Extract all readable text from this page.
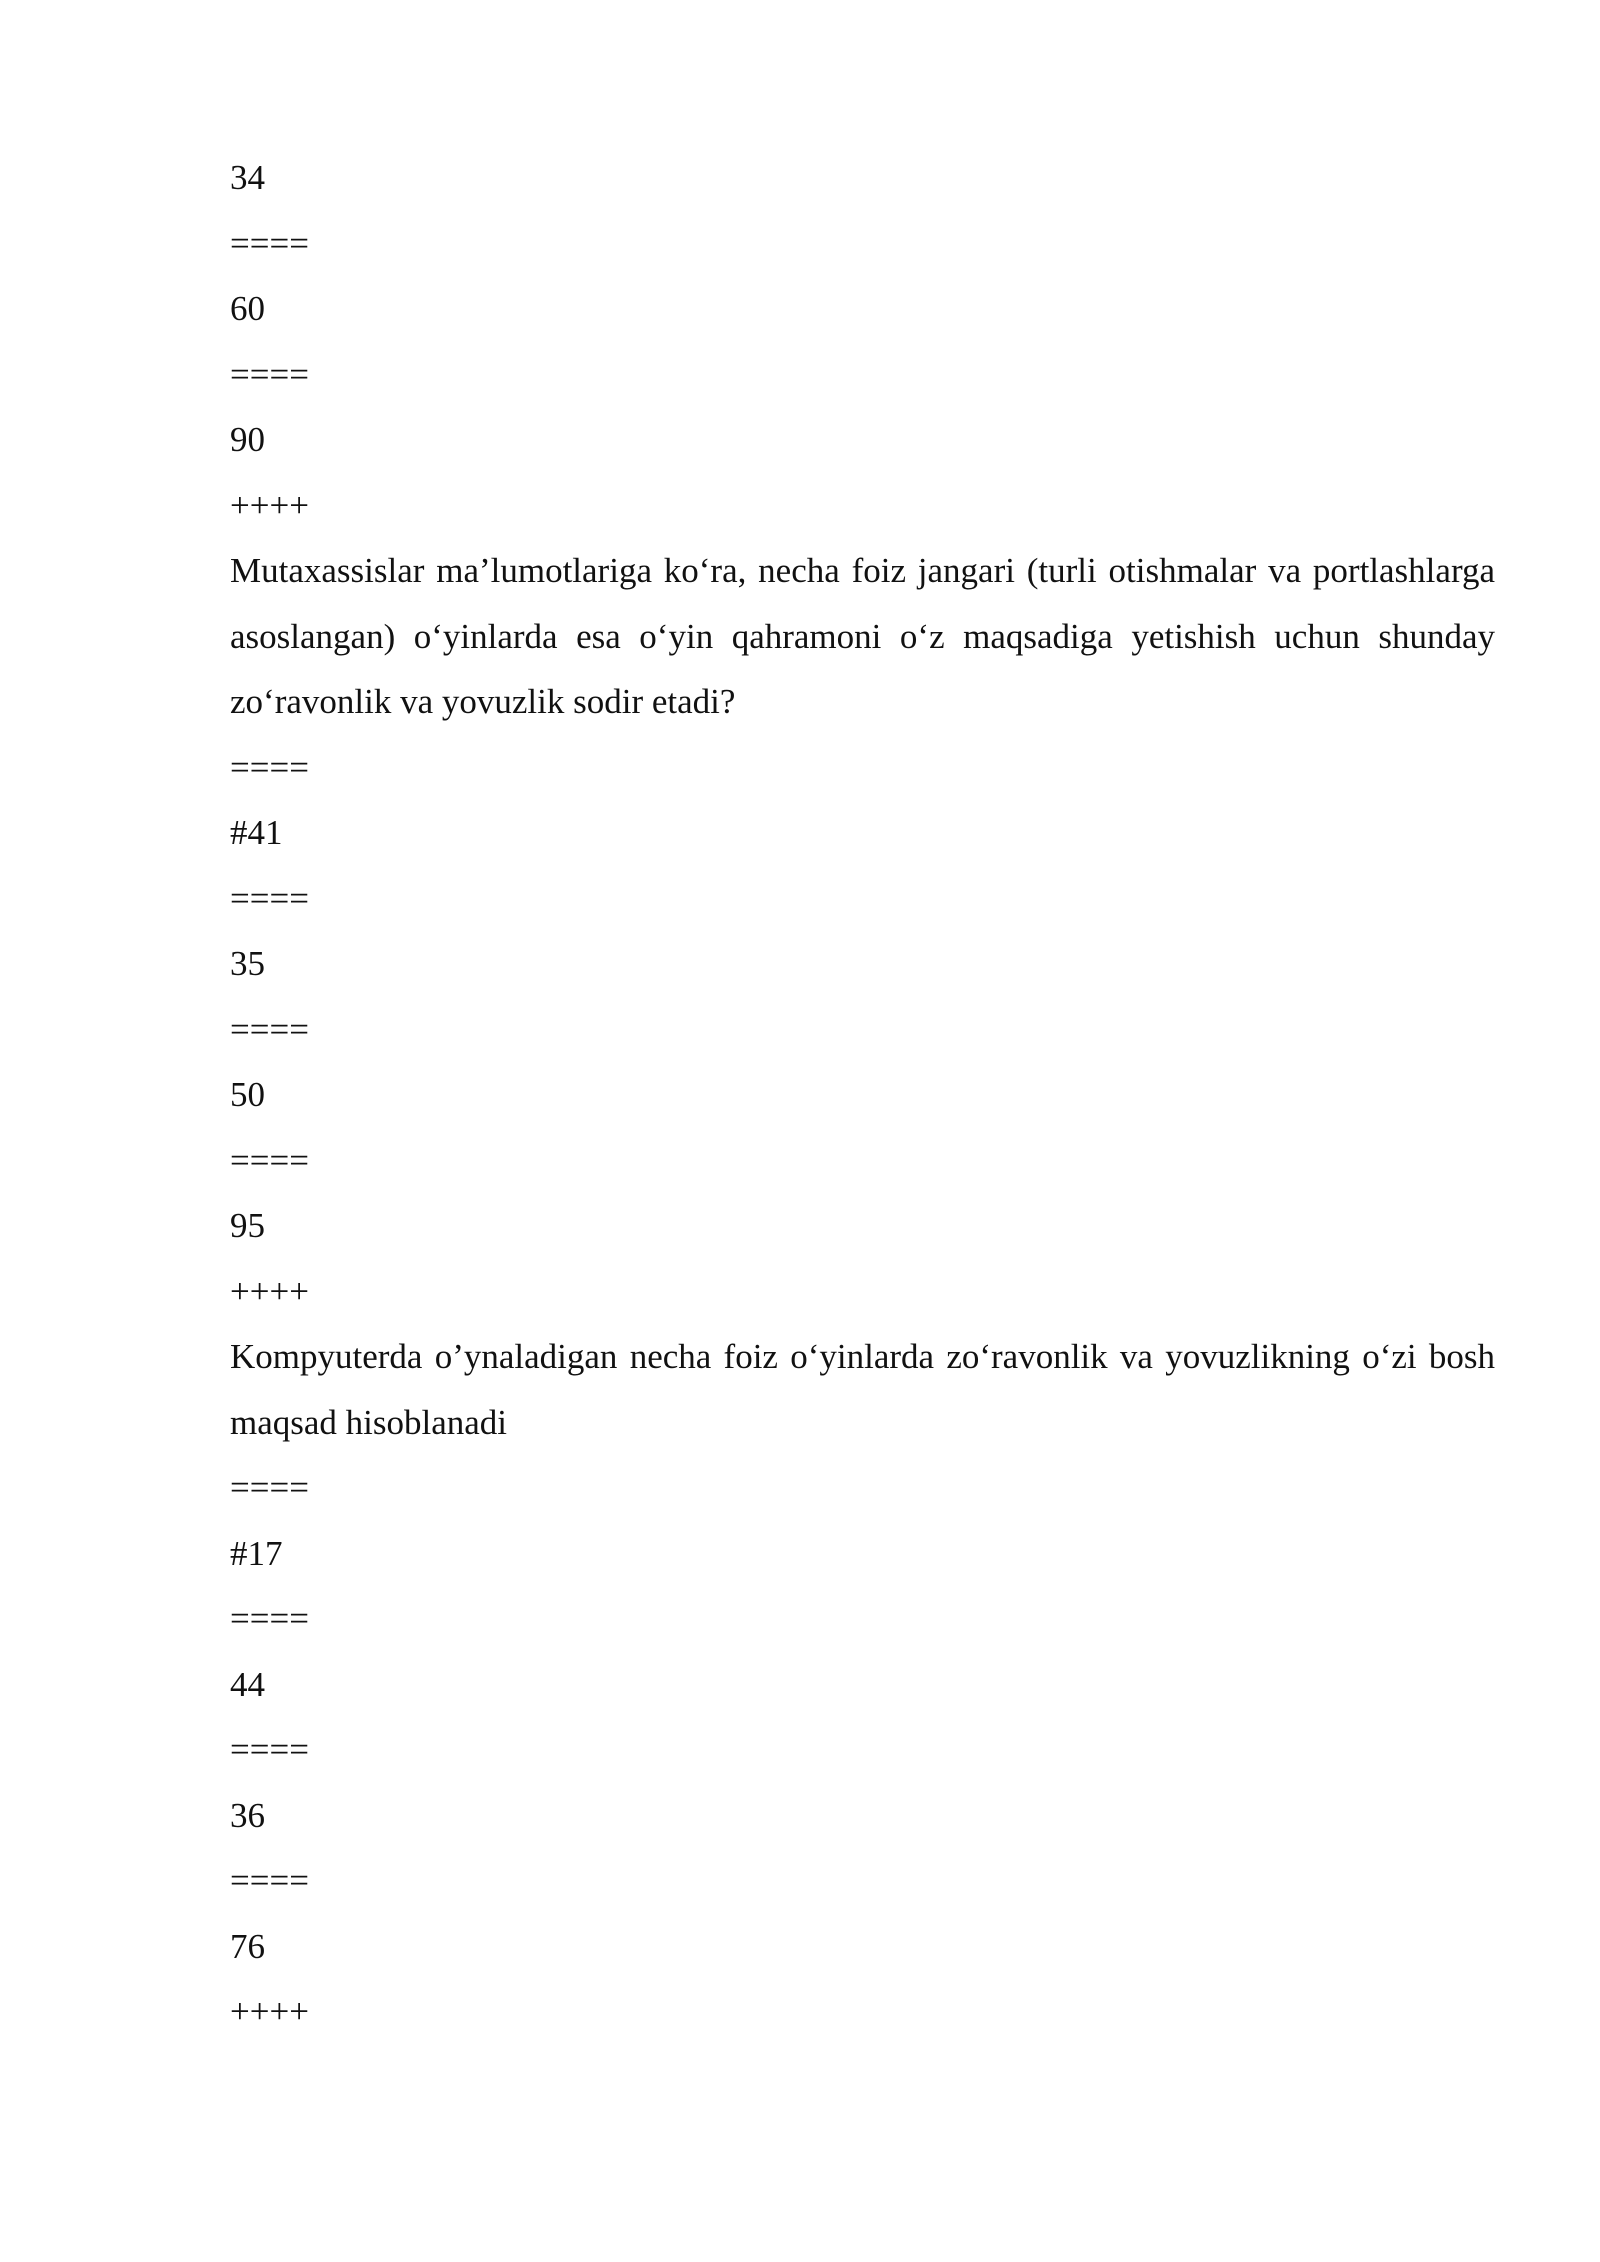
34
====
60
====
90
++++
Mutaxassislar ma’lumotlariga ko‘ra, necha foiz jangari (turli otishmalar va portlashlarga asoslangan) o‘yinlarda esa o‘yin qahramoni o‘z maqsadiga yetishish uchun shunday zo‘ravonlik va yovuzlik sodir etadi?
====
#41
====
35
====
50
====
95
++++
Kompyuterda o’ynaladigan necha foiz o‘yinlarda zo‘ravonlik va yovuzlikning o‘zi bosh maqsad hisoblanadi
====
#17
====
44
====
36
====
76
++++
